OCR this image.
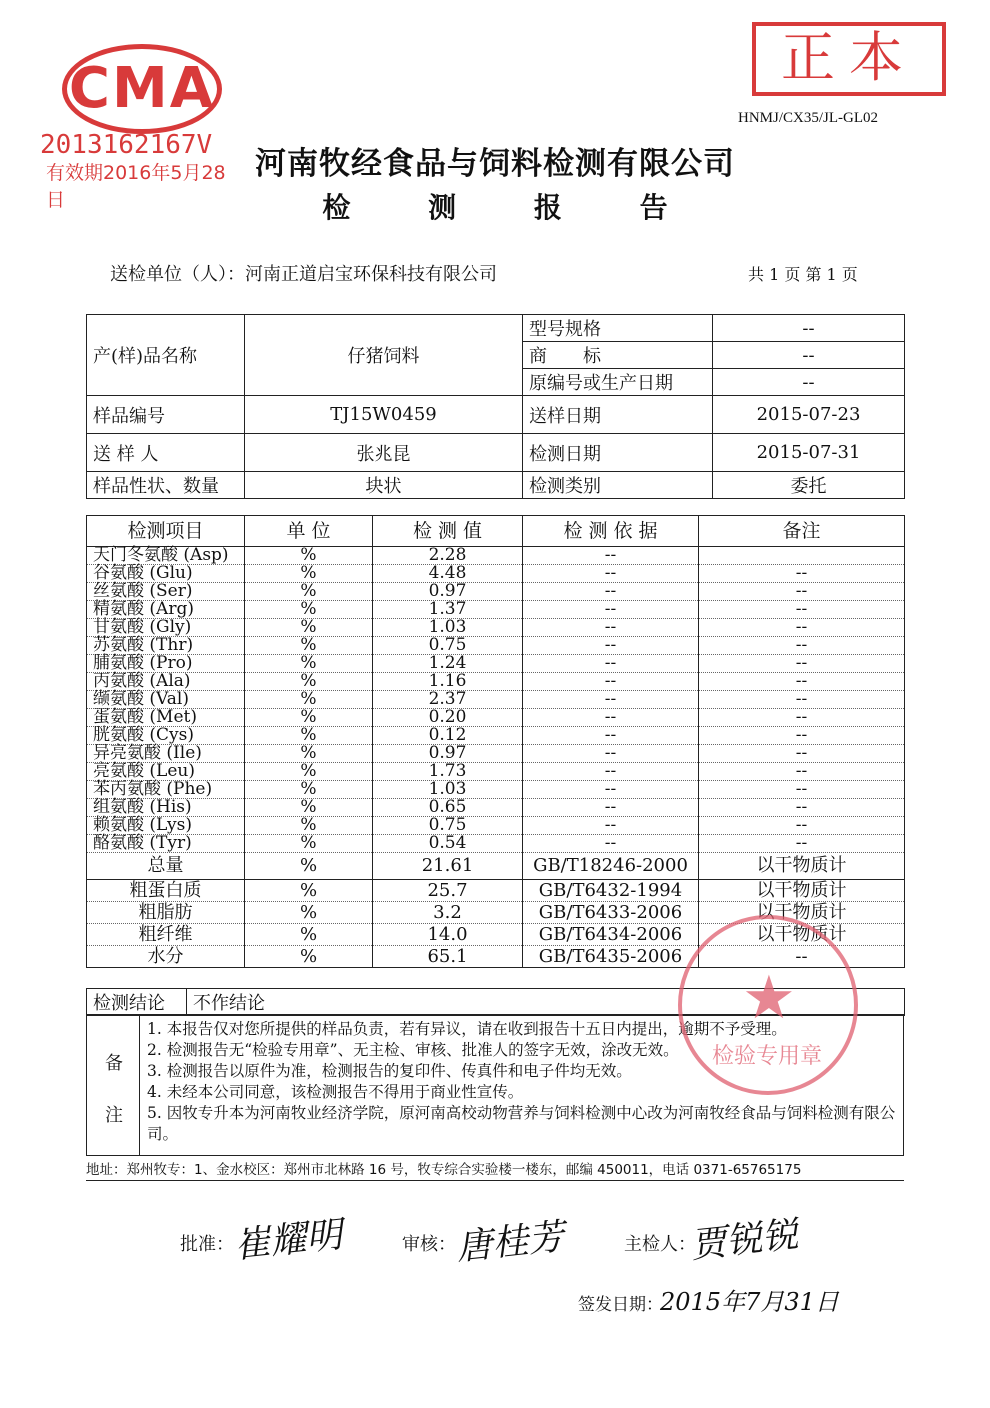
CMA
2013162167V
有效期2016年5月28日
正本
HNMJ/CX35/JL-GL02
河南牧经食品与饲料检测有限公司
检 测 报 告
送检单位（人）：河南正道启宝环保科技有限公司	共 1 页 第 1 页
产(样)品名称	仔猪饲料	型号规格	--
		商　　标	--
		原编号或生产日期	--
样品编号	TJ15W0459	送样日期	2015-07-23
送 样 人	张兆昆	检测日期	2015-07-31
样品性状、数量	块状	检测类别	委托
检测项目	单 位	检 测 值	检 测 依 据	备注
天门冬氨酸 (Asp)	%	2.28	--	
谷氨酸 (Glu)	%	4.48	--	--
丝氨酸 (Ser)	%	0.97	--	--
精氨酸 (Arg)	%	1.37	--	--
甘氨酸 (Gly)	%	1.03	--	--
苏氨酸 (Thr)	%	0.75	--	--
脯氨酸 (Pro)	%	1.24	--	--
丙氨酸 (Ala)	%	1.16	--	--
缬氨酸 (Val)	%	2.37	--	--
蛋氨酸 (Met)	%	0.20	--	--
胱氨酸 (Cys)	%	0.12	--	--
异亮氨酸 (Ile)	%	0.97	--	--
亮氨酸 (Leu)	%	1.73	--	--
苯丙氨酸 (Phe)	%	1.03	--	--
组氨酸 (His)	%	0.65	--	--
赖氨酸 (Lys)	%	0.75	--	--
酪氨酸 (Tyr)	%	0.54	--	--
总量	%	21.61	GB/T18246-2000	以干物质计
粗蛋白质	%	25.7	GB/T6432-1994	以干物质计
粗脂肪	%	3.2	GB/T6433-2006	以干物质计
粗纤维	%	14.0	GB/T6434-2006	以干物质计
水分	%	65.1	GB/T6435-2006	--
检测结论	不作结论
备
注
1. 本报告仅对您所提供的样品负责，若有异议，请在收到报告十五日内提出，逾期不予受理。
2. 检测报告无“检验专用章”、无主检、审核、批准人的签字无效，涂改无效。
3. 检测报告以原件为准，检测报告的复印件、传真件和电子件均无效。
4. 未经本公司同意，该检测报告不得用于商业性宣传。
5. 因牧专升本为河南牧业经济学院，原河南高校动物营养与饲料检测中心改为河南牧经食品与饲料检测有限公司。
地址：郑州牧专：1、金水校区：郑州市北林路 16 号，牧专综合实验楼一楼东，邮编 450011，电话 0371-65765175
★
检验专用章
批准：
崔耀明	审核：
唐桂芳	主检人：
贾锐锐
签发日期：
2015年7月31日
